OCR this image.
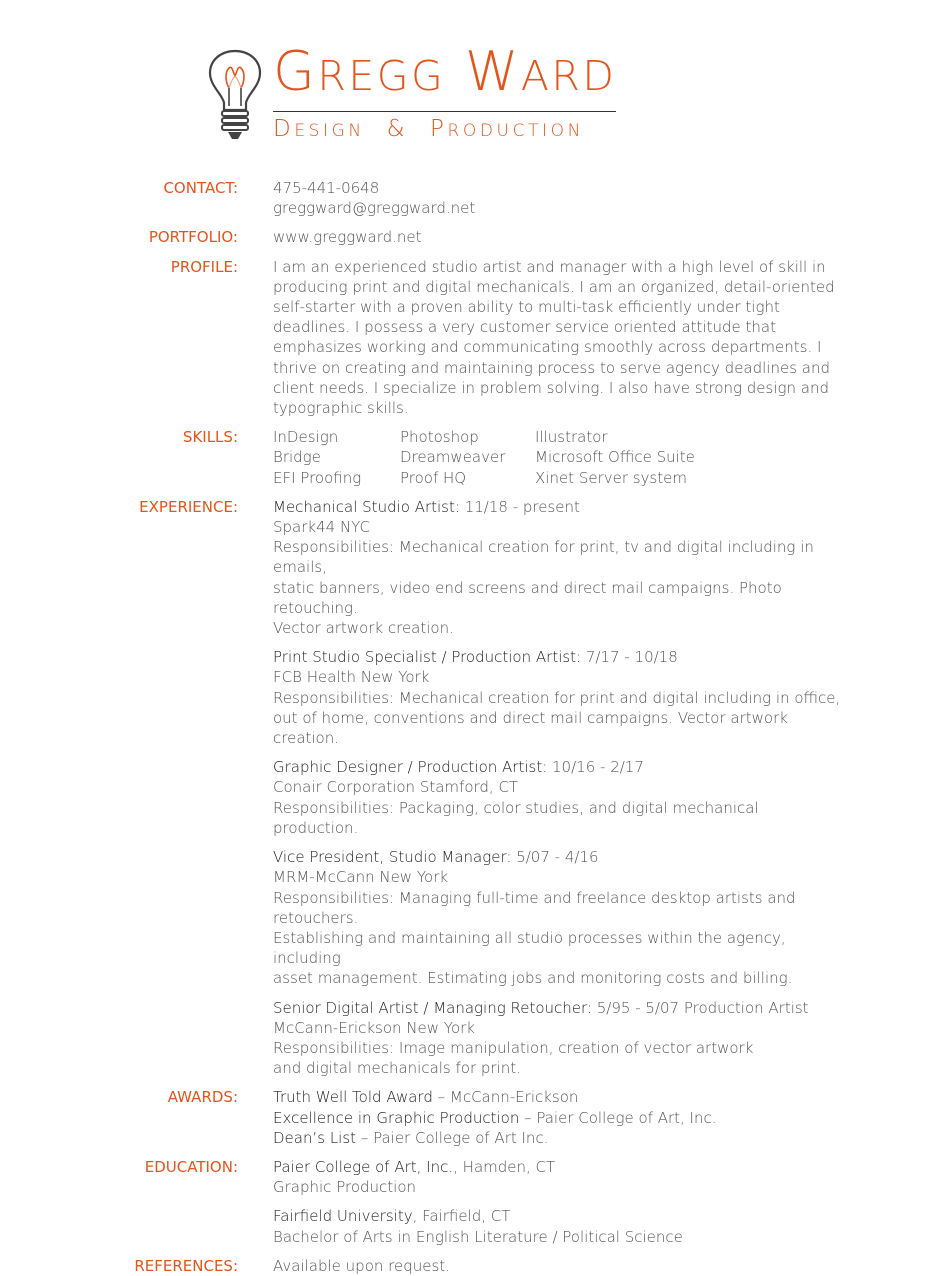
GREGG WARD

DESIGN & PRODUCTION

CONTACT: 475-441-0648

greggward@greggward.net

PORTFOLIO: www.greggward.net

PROFILE: I am an experienced studio artist and manager with a high level of skill in producing print and digital mechanicals. I am an organized, detail-oriented self-starter with a proven ability to multi-task efficiently under tight deadlines. I possess a very customer service oriented attitude that emphasizes working and communicating smoothly across departments. I thrive on creating and maintaining process to serve agency deadlines and client needs. I specialize in problem solving. I also have strong design and typographic skills.

SKILLS: InDesign	Photoshop	Illustrator
Bridge	Dreamweaver	Microsoft Office Suite
EFI Proofing	Proof HQ	Xinet Server system
EXPERIENCE: Mechanical Studio Artist: 11/18 - present

Spark44 NYC

Responsibilities: Mechanical creation for print, tv and digital including in emails,

static banners, video end screens and direct mail campaigns. Photo retouching.

Vector artwork creation.

Print Studio Specialist / Production Artist: 7/17 - 10/18

FCB Health New York

Responsibilities: Mechanical creation for print and digital including in office,

out of home, conventions and direct mail campaigns. Vector artwork creation.

Graphic Designer / Production Artist: 10/16 - 2/17

Conair Corporation Stamford, CT

Responsibilities: Packaging, color studies, and digital mechanical production.

Vice President, Studio Manager: 5/07 - 4/16

MRM-McCann New York

Responsibilities: Managing full-time and freelance desktop artists and retouchers.

Establishing and maintaining all studio processes within the agency, including

asset management. Estimating jobs and monitoring costs and billing.

Senior Digital Artist / Managing Retoucher: 5/95 - 5/07 Production Artist

McCann-Erickson New York

Responsibilities: Image manipulation, creation of vector artwork

and digital mechanicals for print.

AWARDS: Truth Well Told Award – McCann-Erickson

Excellence in Graphic Production – Paier College of Art, Inc.

Dean’s List – Paier College of Art Inc.

EDUCATION: Paier College of Art, Inc., Hamden, CT

Graphic Production

Fairfield University, Fairfield, CT

Bachelor of Arts in English Literature / Political Science

REFERENCES: Available upon request.
